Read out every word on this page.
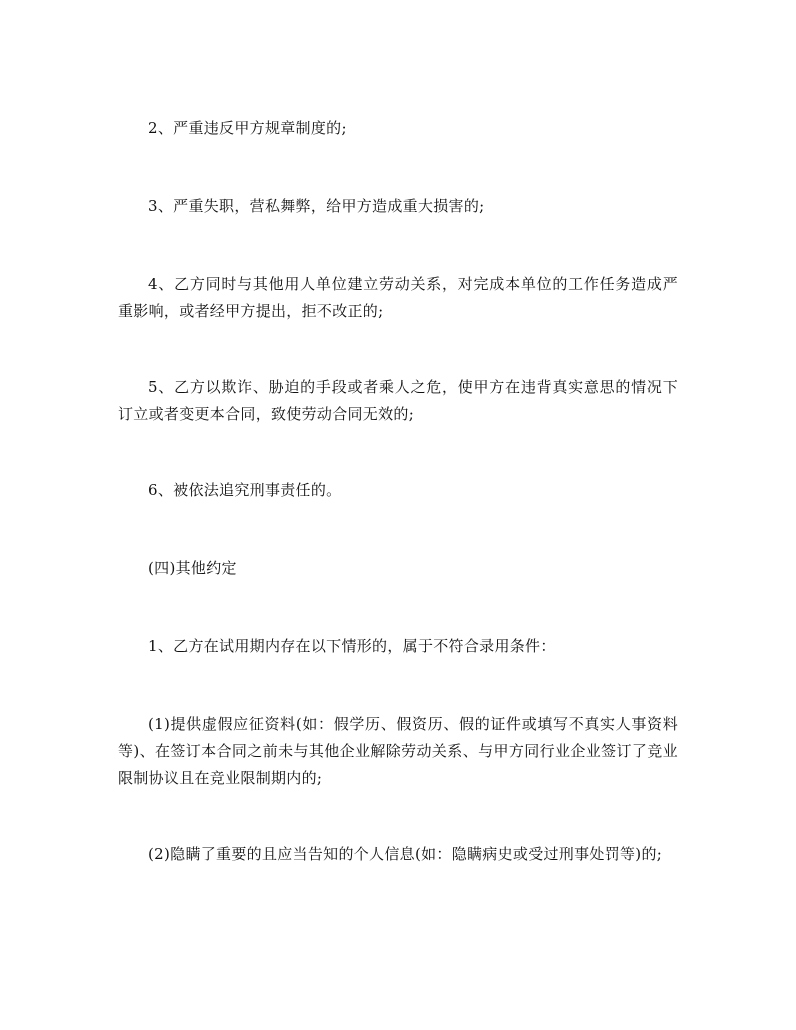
2、严重违反甲方规章制度的;

3、严重失职，营私舞弊，给甲方造成重大损害的;

4、乙方同时与其他用人单位建立劳动关系，对完成本单位的工作任务造成严重影响，或者经甲方提出，拒不改正的;

5、乙方以欺诈、胁迫的手段或者乘人之危，使甲方在违背真实意思的情况下订立或者变更本合同，致使劳动合同无效的;

6、被依法追究刑事责任的。

(四)其他约定

1、乙方在试用期内存在以下情形的，属于不符合录用条件：

(1)提供虚假应征资料(如：假学历、假资历、假的证件或填写不真实人事资料等)、在签订本合同之前未与其他企业解除劳动关系、与甲方同行业企业签订了竞业限制协议且在竞业限制期内的;

(2)隐瞒了重要的且应当告知的个人信息(如：隐瞒病史或受过刑事处罚等)的;
